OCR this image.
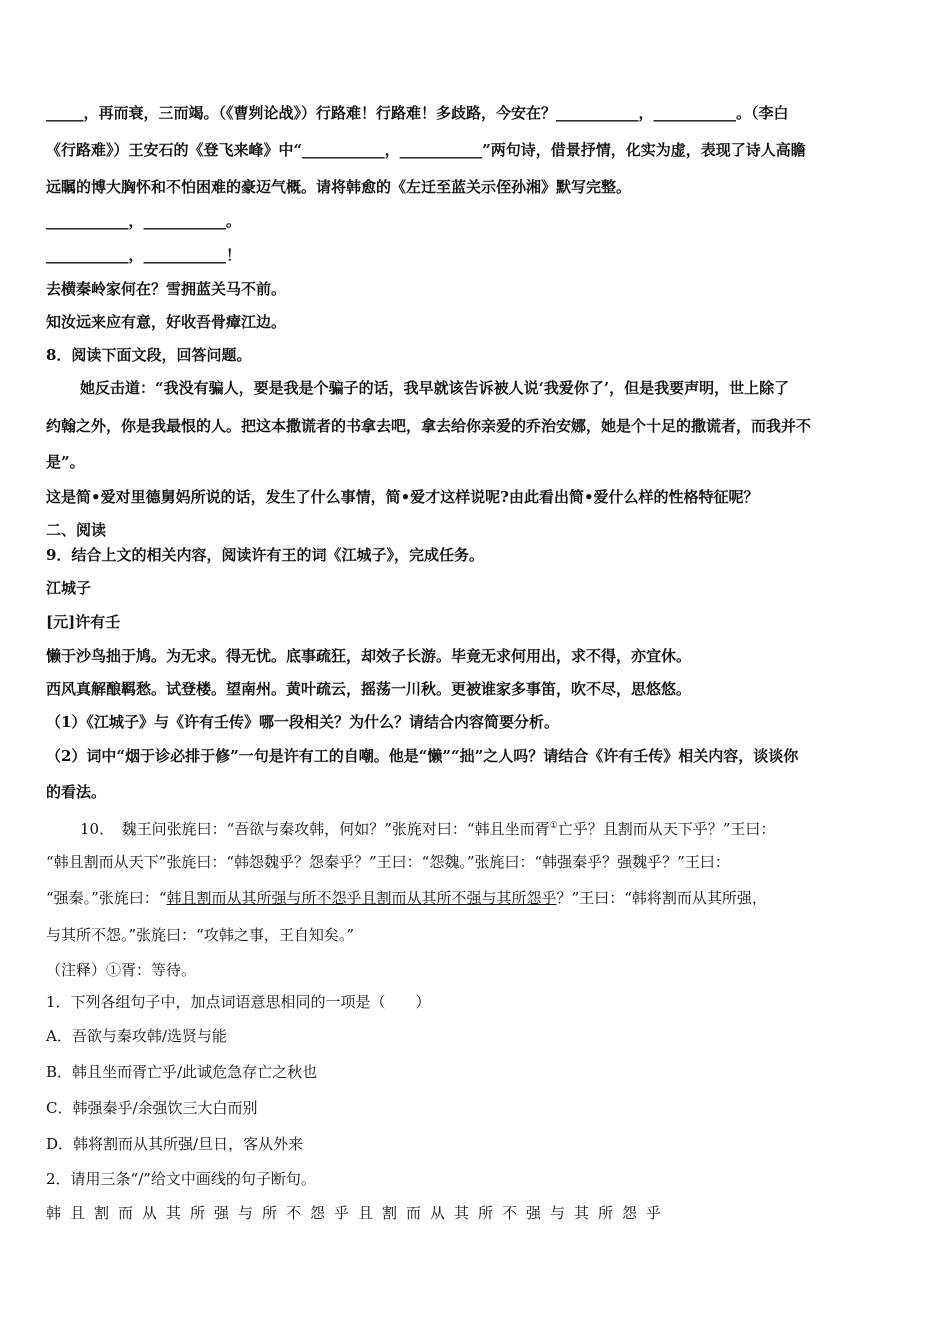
_____，再而衰，三而竭。（《曹刿论战》）行路难！行路难！多歧路，今安在？___________，___________。（李白
《行路难》）王安石的《登飞来峰》中“___________，___________”两句诗，借景抒情，化实为虚，表现了诗人高瞻
远瞩的博大胸怀和不怕困难的豪迈气概。请将韩愈的《左迁至蓝关示侄孙湘》默写完整。
___________，___________。
___________，___________！
去横秦岭家何在？雪拥蓝关马不前。
知汝远来应有意，好收吾骨瘴江边。
8．阅读下面文段，回答问题。
她反击道：“我没有骗人，要是我是个骗子的话，我早就该告诉被人说‘我爱你了’，但是我要声明，世上除了
约翰之外，你是我最恨的人。把这本撒谎者的书拿去吧，拿去给你亲爱的乔治安娜，她是个十足的撒谎者，而我并不
是”。
这是简•爱对里德舅妈所说的话，发生了什么事情，简•爱才这样说呢?由此看出简•爱什么样的性格特征呢？
二、阅读
9．结合上文的相关内容，阅读许有王的词《江城子》，完成任务。
江城子
[元]许有壬
懒于沙鸟拙于鸠。为无求。得无忧。底事疏狂，却效子长游。毕竟无求何用出，求不得，亦宜休。
西风真解酿羁愁。试登楼。望南州。黄叶疏云，摇荡一川秋。更被谁家多事笛，吹不尽，思悠悠。
（1）《江城子》与《许有壬传》哪一段相关？为什么？请结合内容简要分析。
（2）词中“烟于诊必排于修”一句是许有工的自嘲。他是“懒”“拙”之人吗？请结合《许有壬传》相关内容，谈谈你
的看法。
10．　魏王问张旄曰：“吾欲与秦攻韩，何如？”张旄对曰：“韩且坐而胥①亡乎？且割而从天下乎？”王曰：
“韩且割而从天下”张旄曰：“韩怨魏乎？怨秦乎？”王曰：“怨魏。”张旄曰：“韩强秦乎？强魏乎？”王曰：
“强秦。”张旄曰：“韩且割而从其所强与所不怨乎且割而从其所不强与其所怨乎？”王曰：“韩将割而从其所强，
与其所不怨。”张旄曰：“攻韩之事，王自知矣。”
（注释）①胥：等待。
1．下列各组句子中，加点词语意思相同的一项是（　　）
A．吾欲与秦攻韩/选贤与能
B．韩且坐而胥亡乎/此诚危急存亡之秋也
C．韩强秦乎/余强饮三大白而别
D．韩将割而从其所强/旦日，客从外来
2．请用三条“/”给文中画线的句子断句。
韩且割而从其所强与所不怨乎且割而从其所不强与其所怨乎
